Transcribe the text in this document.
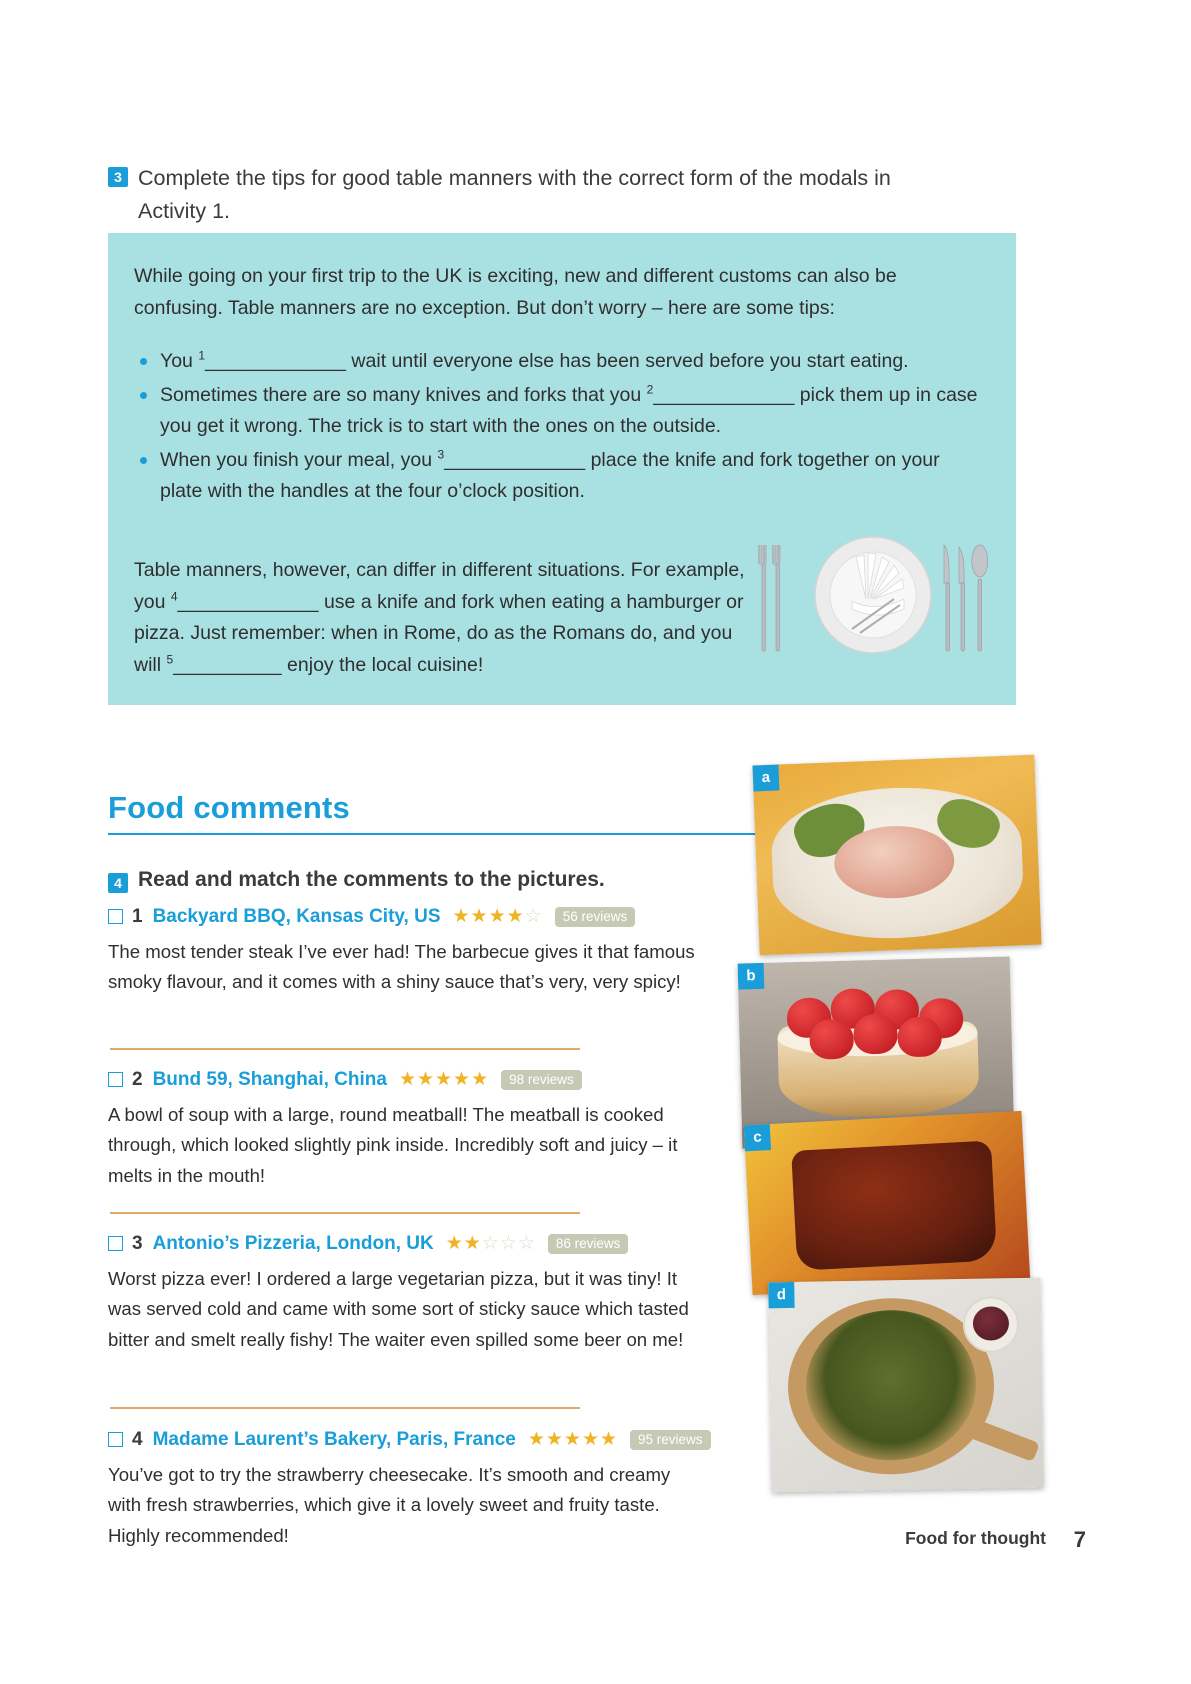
3 Complete the tips for good table manners with the correct form of the modals in Activity 1.

While going on your first trip to the UK is exciting, new and different customs can also be confusing. Table manners are no exception. But don’t worry – here are some tips:

You $^1$_____________ wait until everyone else has been served before you start eating.
Sometimes there are so many knives and forks that you $^2$_____________ pick them up in case you get it wrong. The trick is to start with the ones on the outside.
When you finish your meal, you $^3$_____________ place the knife and fork together on your plate with the handles at the four o’clock position.
Table manners, however, can differ in different situations. For example, you $^4$_____________ use a knife and fork when eating a hamburger or pizza. Just remember: when in Rome, do as the Romans do, and you will $^5$__________ enjoy the local cuisine!
Food comments
4 Read and match the comments to the pictures.
1 Backyard BBQ, Kansas City, US ★★★★☆	56 reviews
The most tender steak I’ve ever had! The barbecue gives it that famous smoky flavour, and it comes with a shiny sauce that’s very, very spicy!
2 Bund 59, Shanghai, China ★★★★★	98 reviews
A bowl of soup with a large, round meatball! The meatball is cooked through, which looked slightly pink inside. Incredibly soft and juicy – it melts in the mouth!
3 Antonio’s Pizzeria, London, UK ★★☆☆☆	86 reviews
Worst pizza ever! I ordered a large vegetarian pizza, but it was tiny! It was served cold and came with some sort of sticky sauce which tasted bitter and smelt really fishy! The waiter even spilled some beer on me!
4 Madame Laurent’s Bakery, Paris, France ★★★★★	95 reviews
You’ve got to try the strawberry cheesecake. It’s smooth and creamy with fresh strawberries, which give it a lovely sweet and fruity taste. Highly recommended!
a
b
c
d
Food for thought 7
